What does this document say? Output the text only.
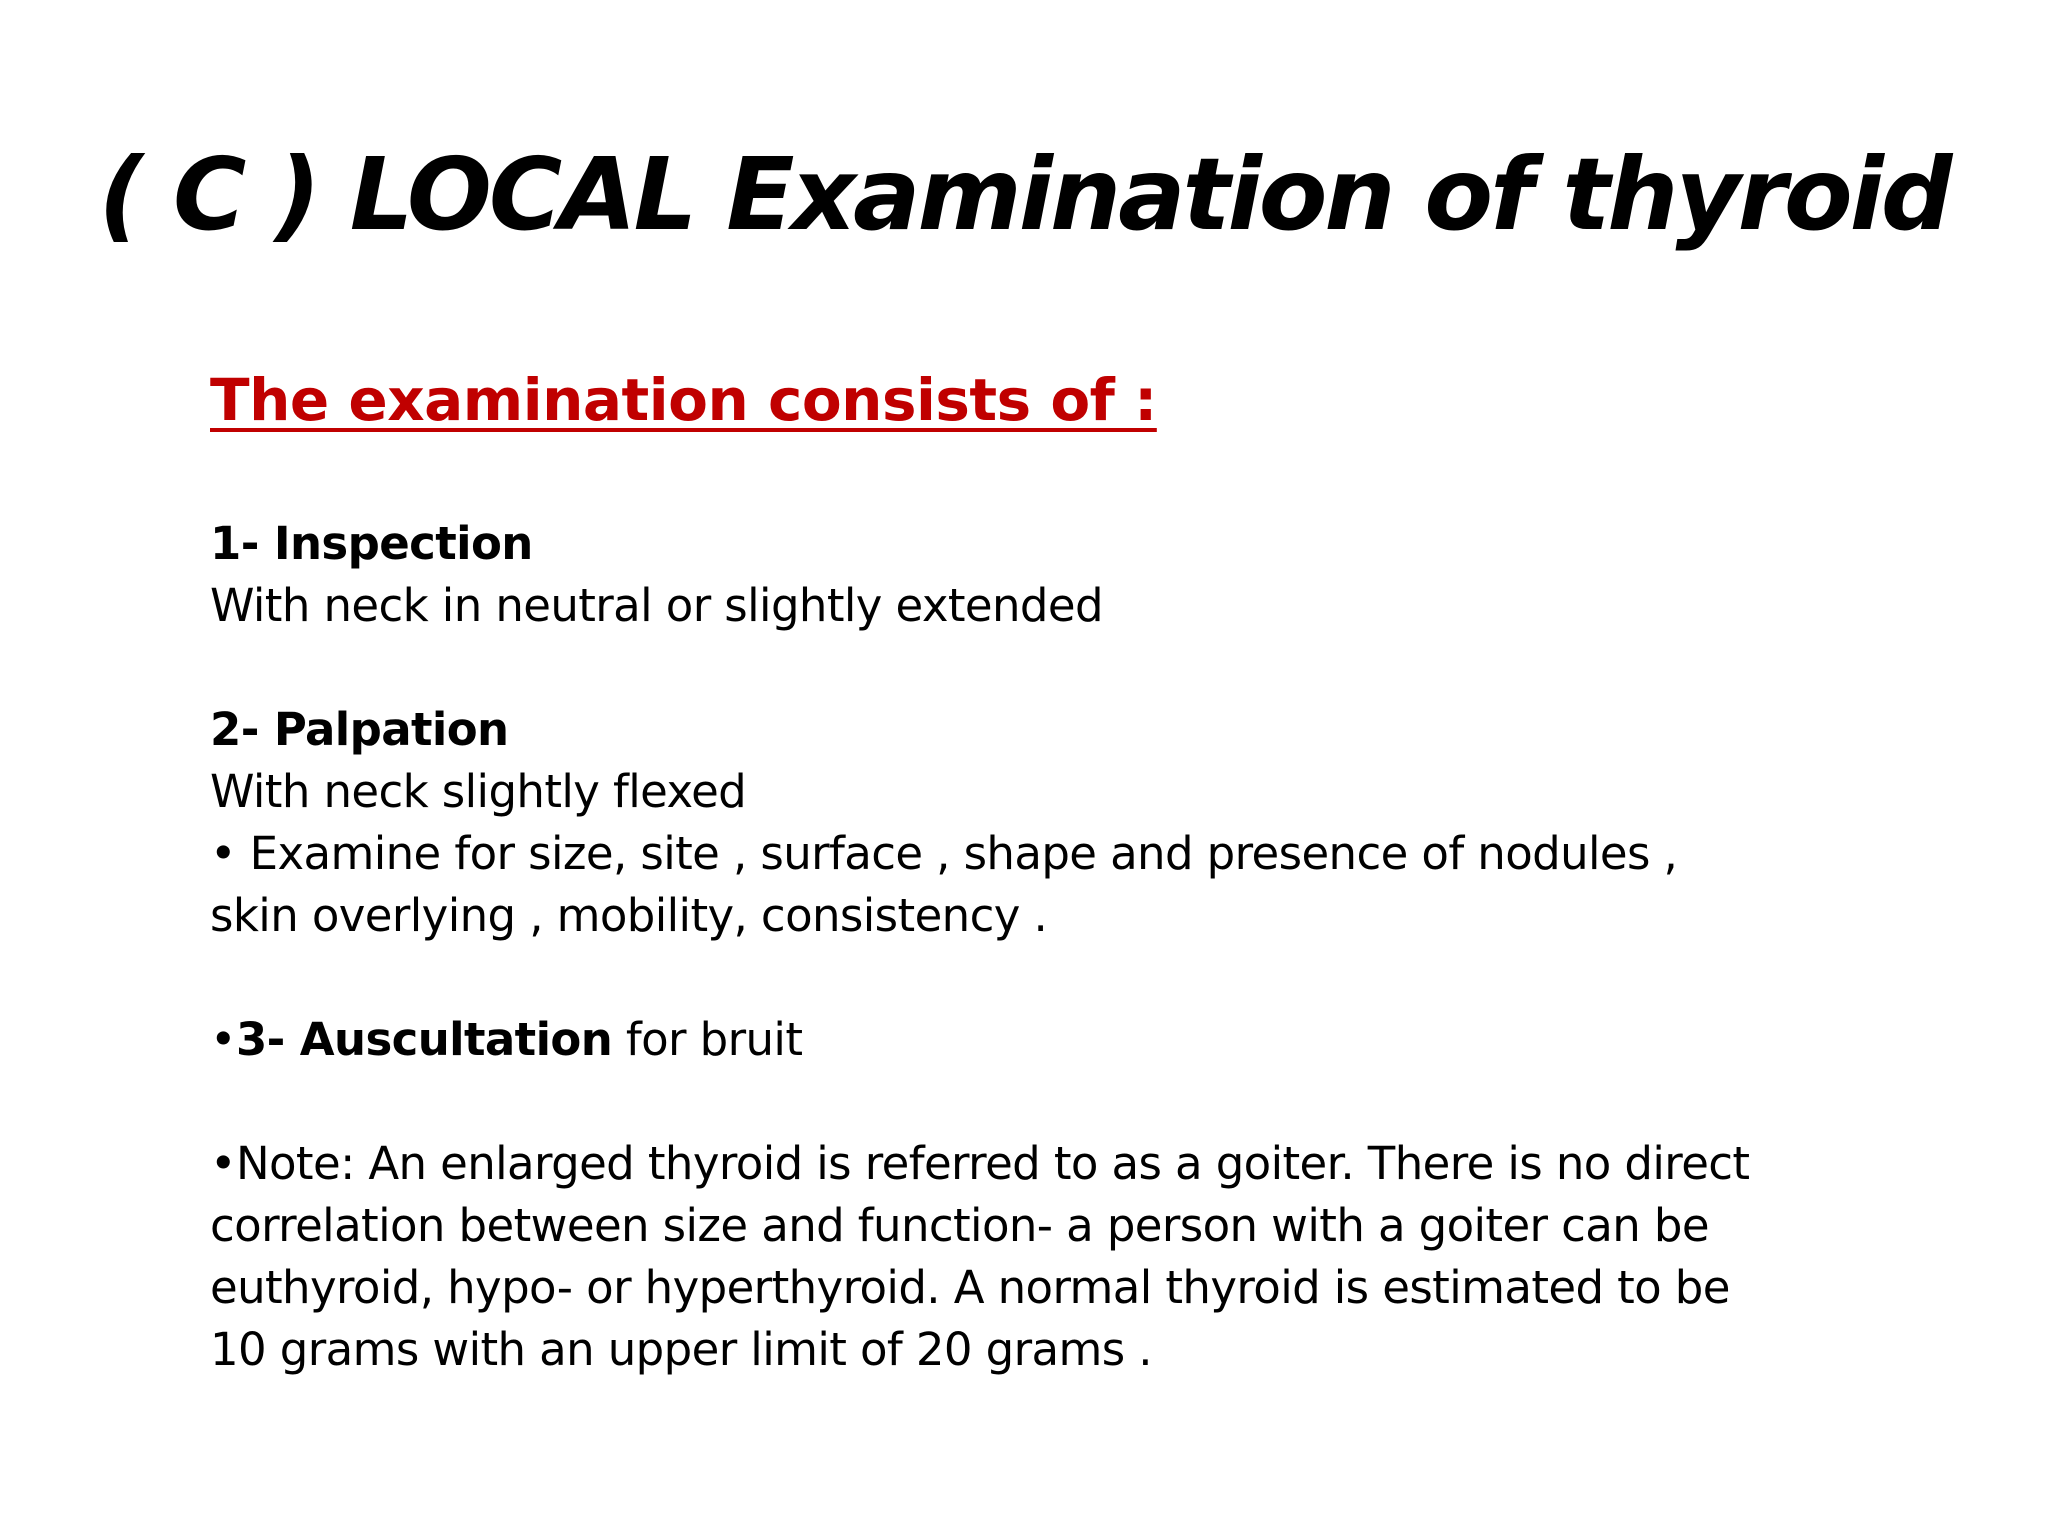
( C ) LOCAL Examination of thyroid

The examination consists of :

1- Inspection

With neck in neutral or slightly extended

2- Palpation

With neck slightly flexed

• Examine for size, site , surface , shape and presence of nodules ,

skin overlying , mobility, consistency .

•3- Auscultation for bruit

•Note: An enlarged thyroid is referred to as a goiter. There is no direct

correlation between size and function- a person with a goiter can be

euthyroid, hypo- or hyperthyroid. A normal thyroid is estimated to be

10 grams with an upper limit of 20 grams .
